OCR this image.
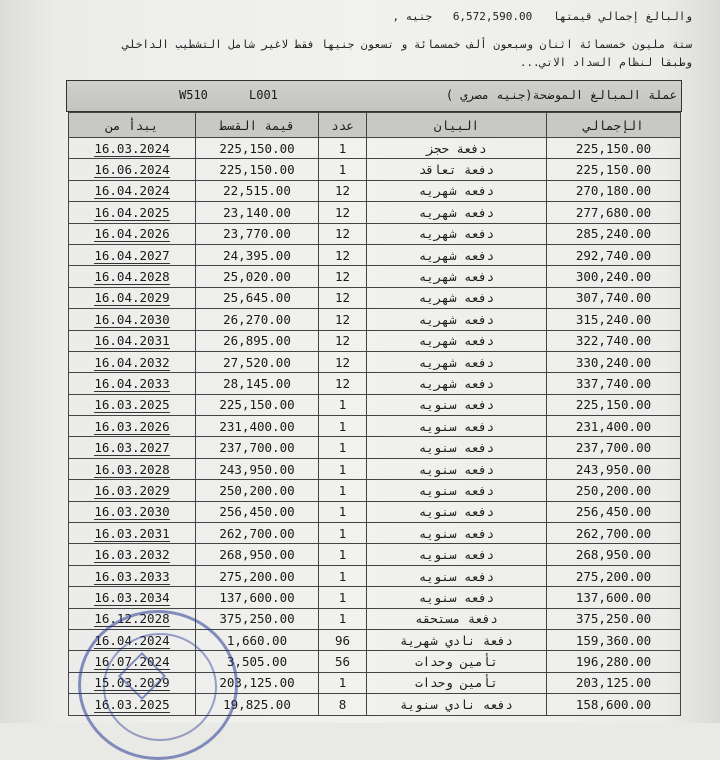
والبالغ إجمالي قيمتها 6,572,590.00 جنيه ,
ستة مليون خمسمائة اثنان وسبعون ألف خمسمائة و تسعون جنيها فقط لاغير شامل التشطيب الداخلي
وطبقا لنظام السداد الاتي...
W510	L001	عملة المبالغ الموضحة(جنيه مصري )
يبدأ من	قيمة القسط	عدد	البيان	الإجمالي
16.03.2024	225,150.00	1	دفعة حجز	225,150.00
16.06.2024	225,150.00	1	دفعة تعاقد	225,150.00
16.04.2024	22,515.00	12	دفعه شهريه	270,180.00
16.04.2025	23,140.00	12	دفعه شهريه	277,680.00
16.04.2026	23,770.00	12	دفعه شهريه	285,240.00
16.04.2027	24,395.00	12	دفعه شهريه	292,740.00
16.04.2028	25,020.00	12	دفعه شهريه	300,240.00
16.04.2029	25,645.00	12	دفعه شهريه	307,740.00
16.04.2030	26,270.00	12	دفعه شهريه	315,240.00
16.04.2031	26,895.00	12	دفعه شهريه	322,740.00
16.04.2032	27,520.00	12	دفعه شهريه	330,240.00
16.04.2033	28,145.00	12	دفعه شهريه	337,740.00
16.03.2025	225,150.00	1	دفعه سنويه	225,150.00
16.03.2026	231,400.00	1	دفعه سنويه	231,400.00
16.03.2027	237,700.00	1	دفعه سنويه	237,700.00
16.03.2028	243,950.00	1	دفعه سنويه	243,950.00
16.03.2029	250,200.00	1	دفعه سنويه	250,200.00
16.03.2030	256,450.00	1	دفعه سنويه	256,450.00
16.03.2031	262,700.00	1	دفعه سنويه	262,700.00
16.03.2032	268,950.00	1	دفعه سنويه	268,950.00
16.03.2033	275,200.00	1	دفعه سنويه	275,200.00
16.03.2034	137,600.00	1	دفعه سنويه	137,600.00
16.12.2028	375,250.00	1	دفعة مستحقه	375,250.00
16.04.2024	1,660.00	96	دفعة نادي شهرية	159,360.00
16.07.2024	3,505.00	56	تأمين وحدات	196,280.00
15.03.2029	203,125.00	1	تأمين وحدات	203,125.00
16.03.2025	19,825.00	8	دفعه نادي سنوية	158,600.00
